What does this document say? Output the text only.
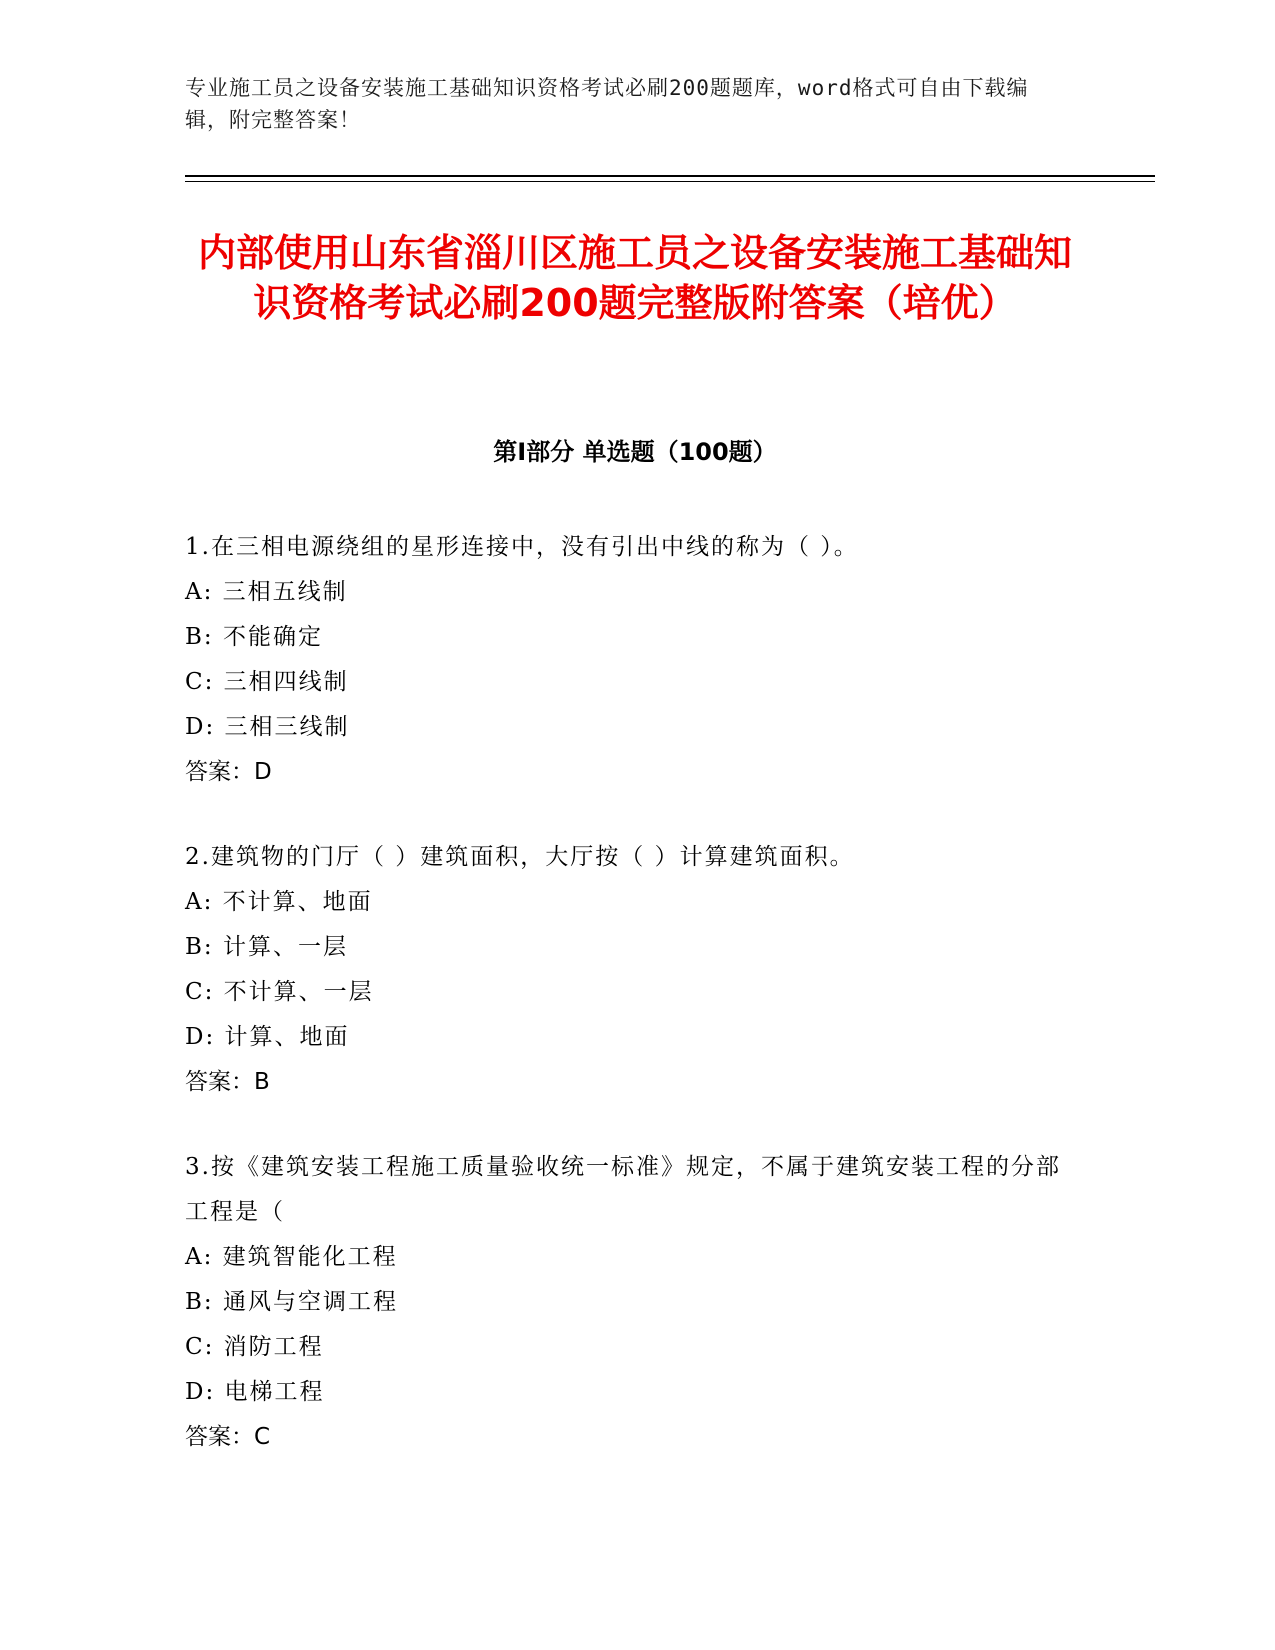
专业施工员之设备安装施工基础知识资格考试必刷200题题库，word格式可自由下载编辑，附完整答案！

内部使用山东省淄川区施工员之设备安装施工基础知识资格考试必刷200题完整版附答案（培优）
第Ⅰ部分 单选题（100题）

1.在三相电源绕组的星形连接中，没有引出中线的称为（ ）。

A: 三相五线制

B: 不能确定

C: 三相四线制

D: 三相三线制

答案：D

2.建筑物的门厅（ ）建筑面积，大厅按（ ）计算建筑面积。

A: 不计算、地面

B: 计算、一层

C: 不计算、一层

D: 计算、地面

答案：B

3.按《建筑安装工程施工质量验收统一标准》规定，不属于建筑安装工程的分部工程是（

A: 建筑智能化工程

B: 通风与空调工程

C: 消防工程

D: 电梯工程

答案：C
